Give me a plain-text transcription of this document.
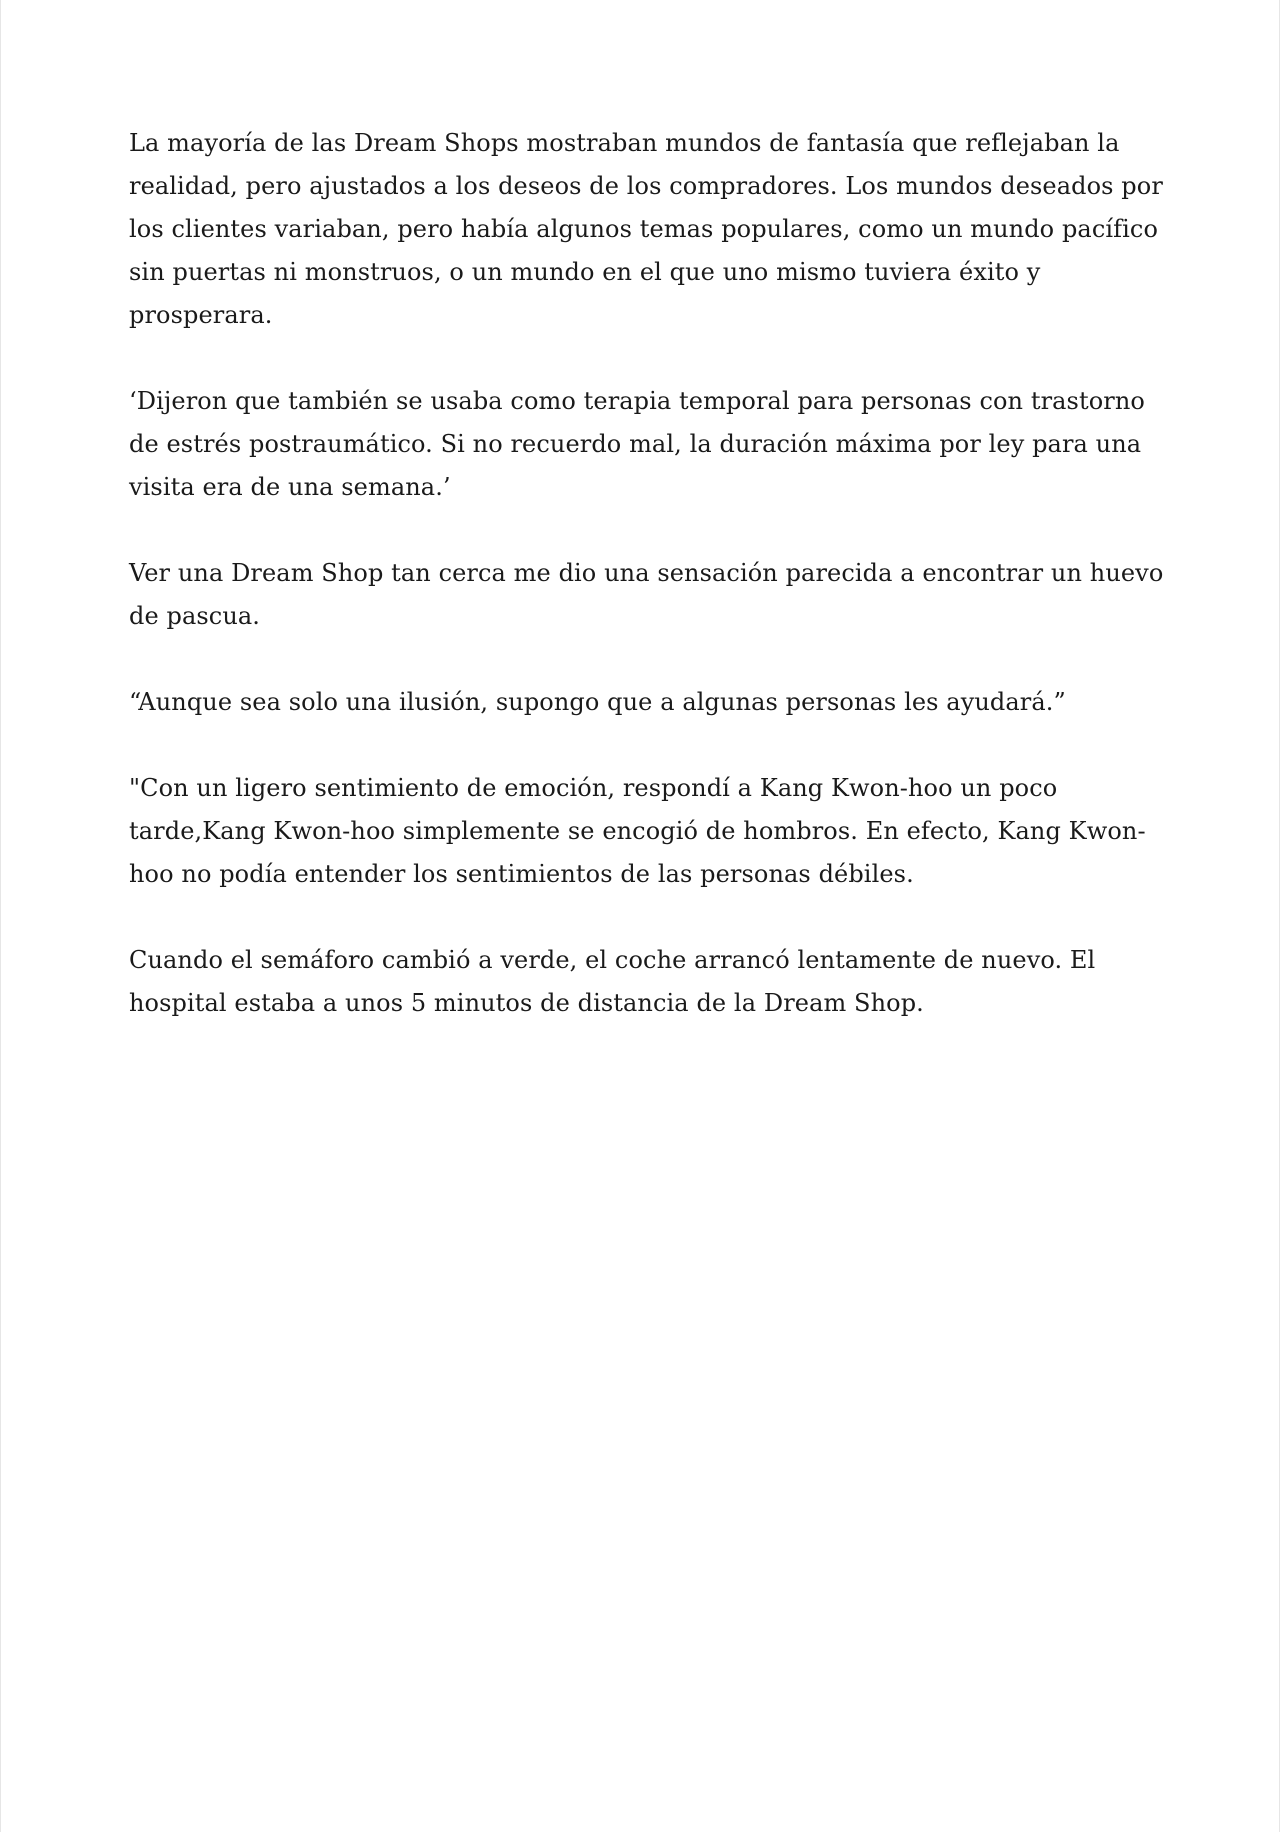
La mayoría de las Dream Shops mostraban mundos de fantasía que reflejaban la realidad, pero ajustados a los deseos de los compradores. Los mundos deseados por los clientes variaban, pero había algunos temas populares, como un mundo pacífico sin puertas ni monstruos, o un mundo en el que uno mismo tuviera éxito y prosperara.

‘Dijeron que también se usaba como terapia temporal para personas con trastorno de estrés postraumático. Si no recuerdo mal, la duración máxima por ley para una visita era de una semana.’

Ver una Dream Shop tan cerca me dio una sensación parecida a encontrar un huevo de pascua.

“Aunque sea solo una ilusión, supongo que a algunas personas les ayudará.”

"Con un ligero sentimiento de emoción, respondí a Kang Kwon-hoo un poco tarde,Kang Kwon-hoo simplemente se encogió de hombros. En efecto, Kang Kwon-hoo no podía entender los sentimientos de las personas débiles.

Cuando el semáforo cambió a verde, el coche arrancó lentamente de nuevo. El hospital estaba a unos 5 minutos de distancia de la Dream Shop.
